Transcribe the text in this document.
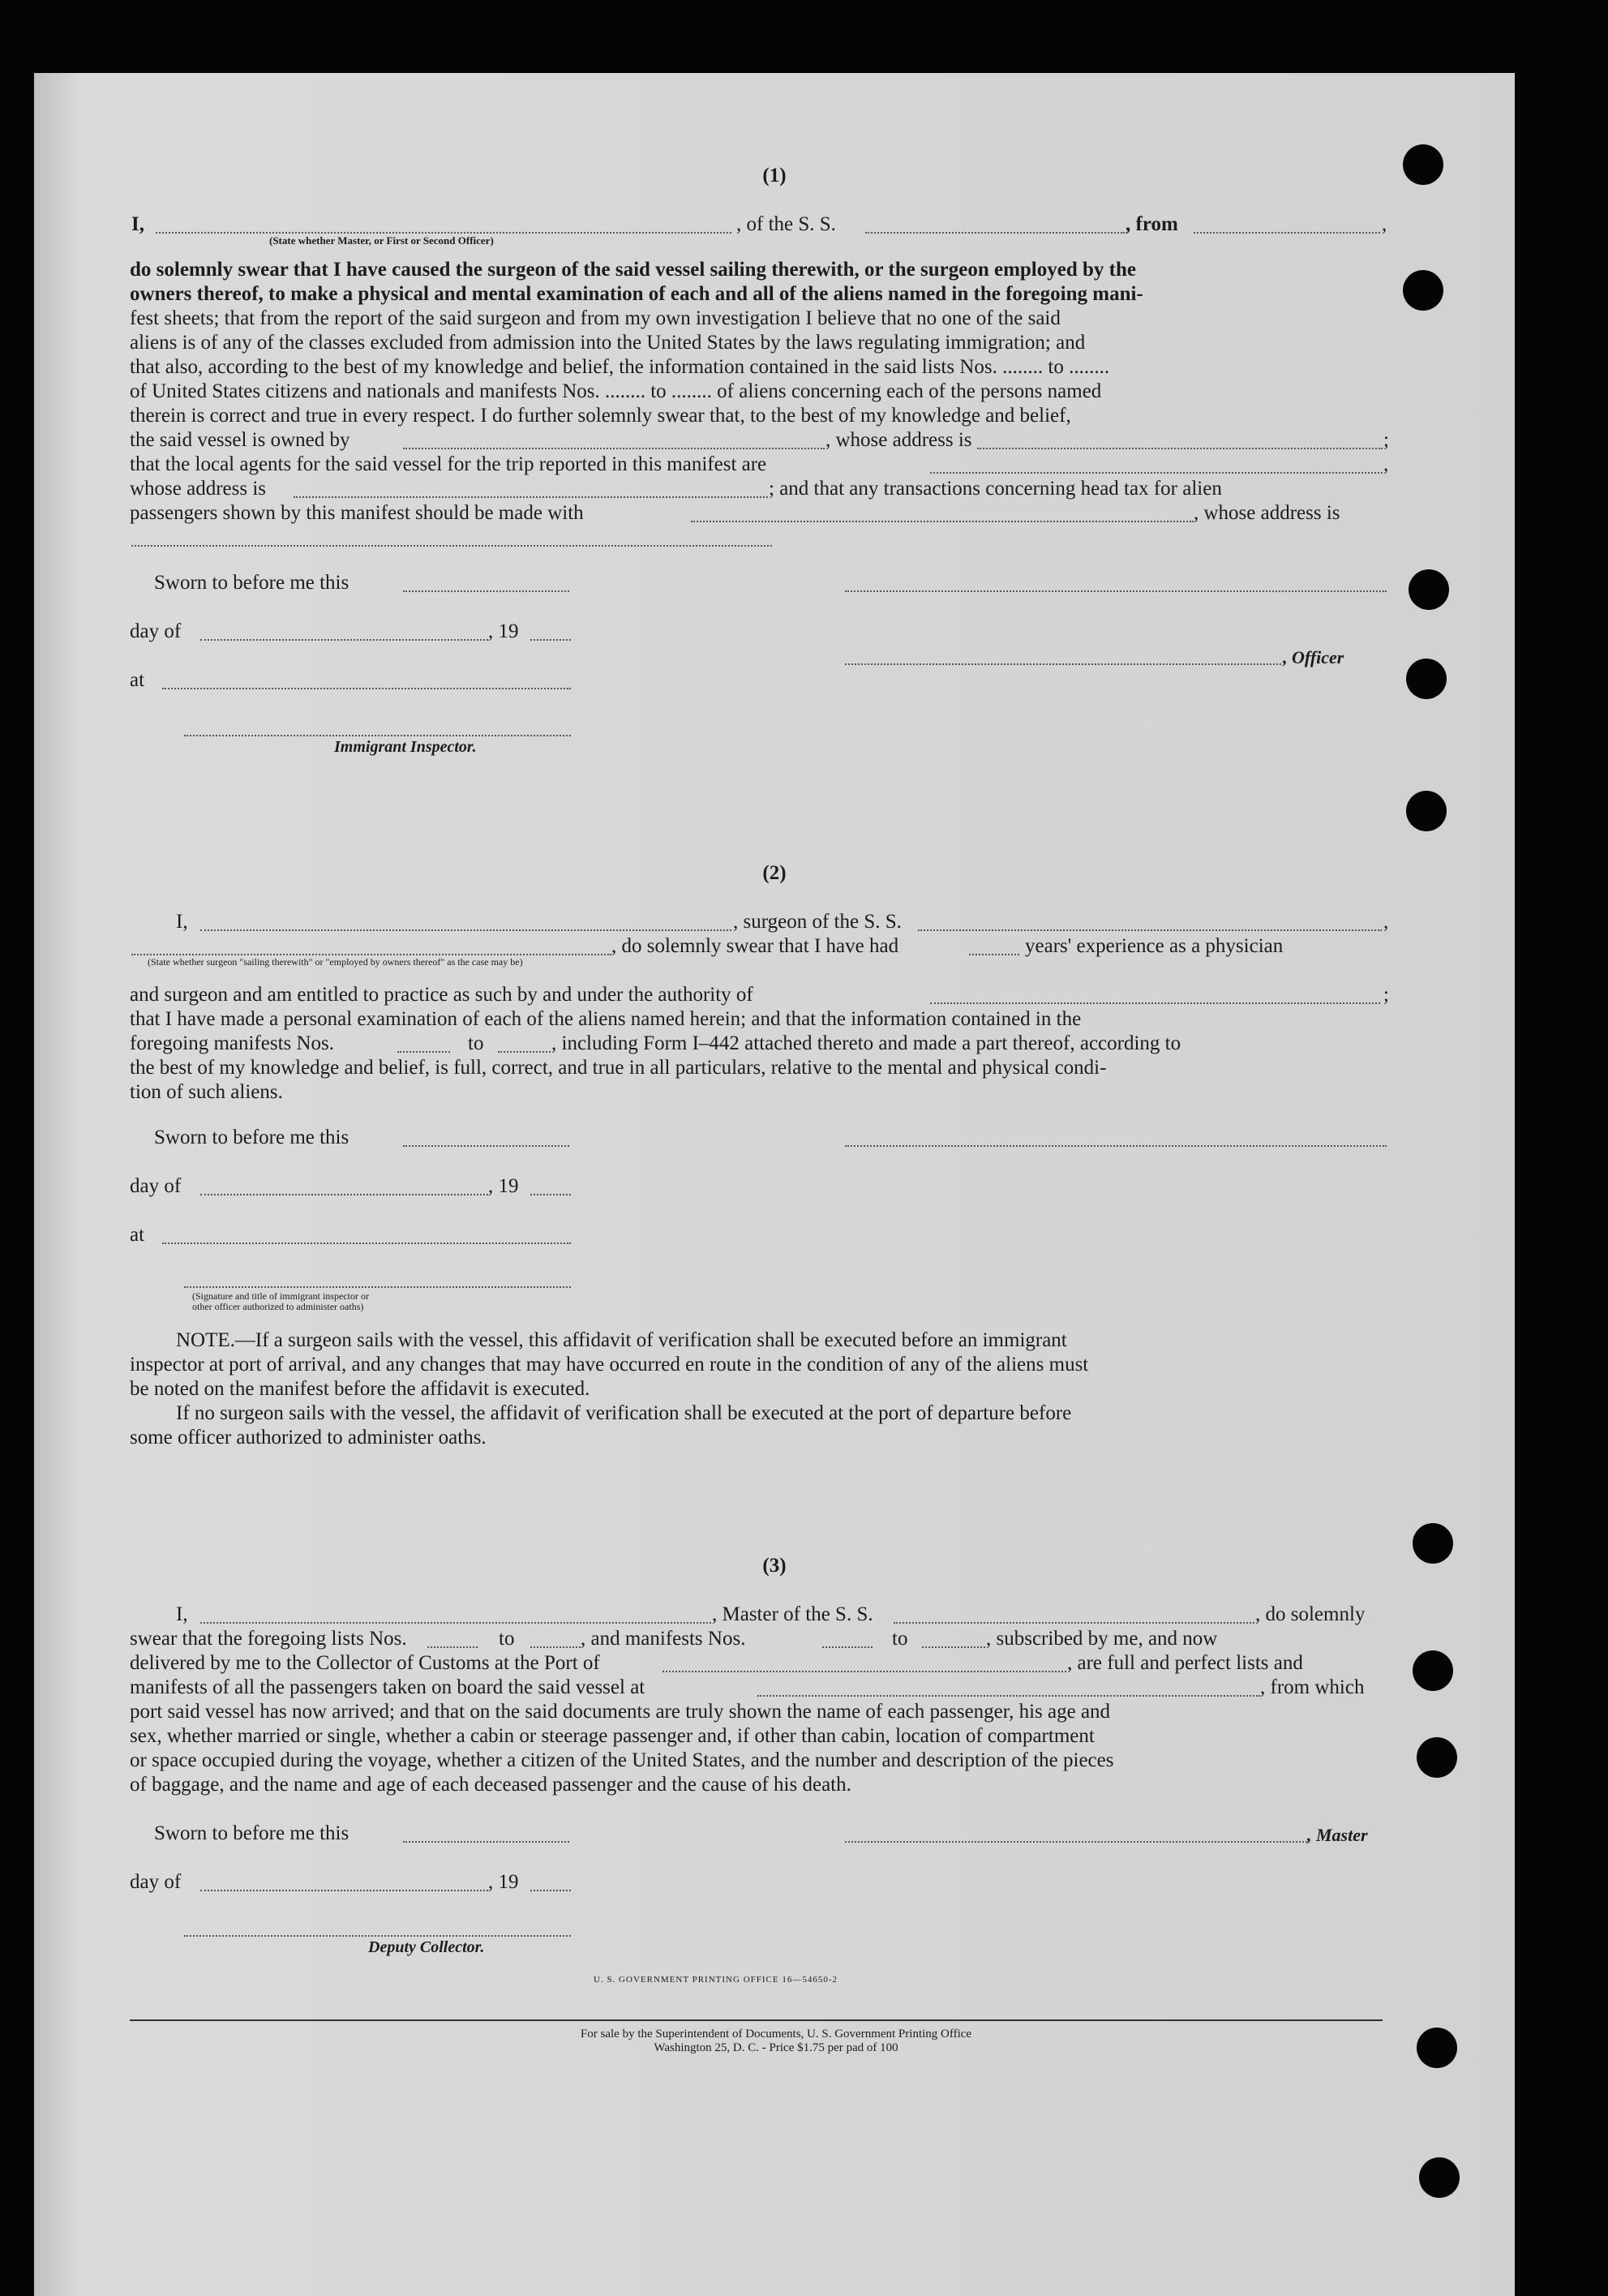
(1)
I,	, of the S. S.	, from	,
(State whether Master, or First or Second Officer)
do solemnly swear that I have caused the surgeon of the said vessel sailing therewith, or the surgeon employed by the
owners thereof, to make a physical and mental examination of each and all of the aliens named in the foregoing mani-
fest sheets; that from the report of the said surgeon and from my own investigation I believe that no one of the said
aliens is of any of the classes excluded from admission into the United States by the laws regulating immigration; and
that also, according to the best of my knowledge and belief, the information contained in the said lists Nos. ........ to ........
of United States citizens and nationals and manifests Nos. ........ to ........ of aliens concerning each of the persons named
therein is correct and true in every respect. I do further solemnly swear that, to the best of my knowledge and belief,
the said vessel is owned by	, whose address is	;
that the local agents for the said vessel for the trip reported in this manifest are	,
whose address is	; and that any transactions concerning head tax for alien
passengers shown by this manifest should be made with	, whose address is
Sworn to before me this
day of	, 19
, Officer
at
Immigrant Inspector.
(2)
I,	, surgeon of the S. S.	,
, do solemnly swear that I have had	years' experience as a physician
(State whether surgeon "sailing therewith" or "employed by owners thereof" as the case may be)
and surgeon and am entitled to practice as such by and under the authority of	;
that I have made a personal examination of each of the aliens named herein; and that the information contained in the
foregoing manifests Nos.	to	, including Form I–442 attached thereto and made a part thereof, according to
the best of my knowledge and belief, is full, correct, and true in all particulars, relative to the mental and physical condi-
tion of such aliens.
Sworn to before me this
day of	, 19
at
(Signature and title of immigrant inspector or
other officer authorized to administer oaths)
NOTE.—If a surgeon sails with the vessel, this affidavit of verification shall be executed before an immigrant
inspector at port of arrival, and any changes that may have occurred en route in the condition of any of the aliens must
be noted on the manifest before the affidavit is executed.
If no surgeon sails with the vessel, the affidavit of verification shall be executed at the port of departure before
some officer authorized to administer oaths.
(3)
I,	, Master of the S. S.	, do solemnly
swear that the foregoing lists Nos.	to	, and manifests Nos.	to	, subscribed by me, and now
delivered by me to the Collector of Customs at the Port of	, are full and perfect lists and
manifests of all the passengers taken on board the said vessel at	, from which
port said vessel has now arrived; and that on the said documents are truly shown the name of each passenger, his age and
sex, whether married or single, whether a cabin or steerage passenger and, if other than cabin, location of compartment
or space occupied during the voyage, whether a citizen of the United States, and the number and description of the pieces
of baggage, and the name and age of each deceased passenger and the cause of his death.
Sworn to before me this	, Master
day of	, 19
Deputy Collector.
U. S. GOVERNMENT PRINTING OFFICE 16—54650-2
For sale by the Superintendent of Documents, U. S. Government Printing Office
Washington 25, D. C. - Price $1.75 per pad of 100
